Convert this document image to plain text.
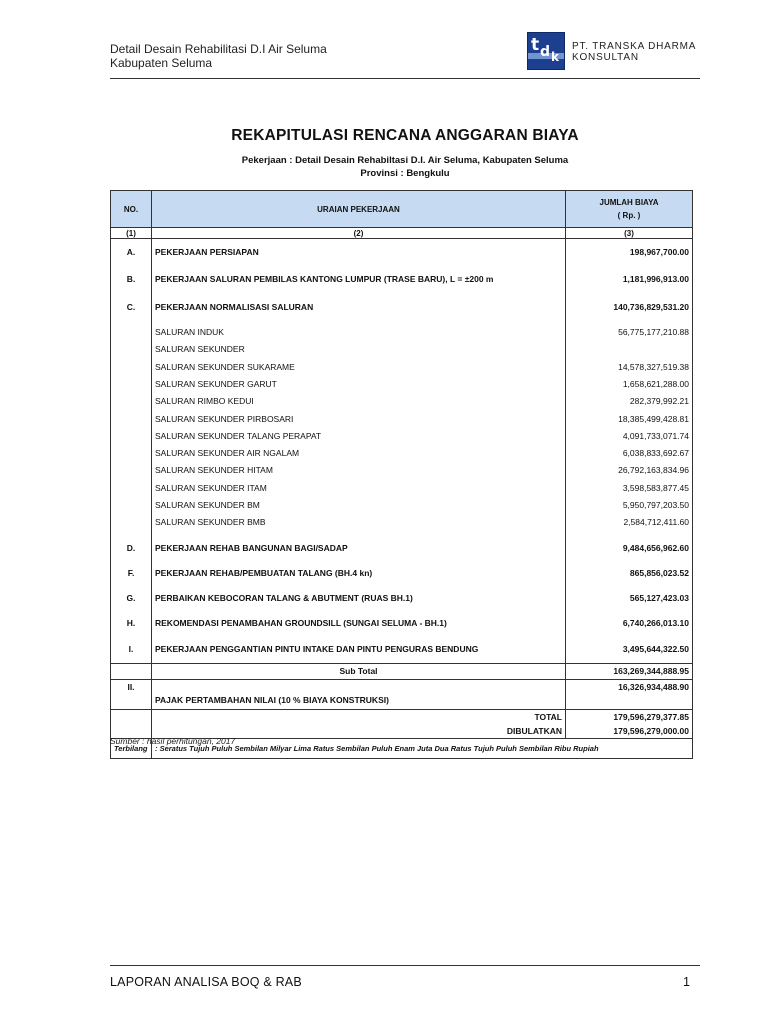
Detail Desain Rehabilitasi D.I Air Seluma
Kabupaten Seluma
t d k
PT. TRANSKA DHARMA
KONSULTAN
REKAPITULASI RENCANA ANGGARAN BIAYA
Pekerjaan : Detail Desain Rehabiltasi D.I. Air Seluma, Kabupaten Seluma
Provinsi : Bengkulu
NO.	URAIAN PEKERJAAN	JUMLAH BIAYA
( Rp. )

(1)	(2)	(3)

A.	PEKERJAAN PERSIAPAN	198,967,700.00

B.	PEKERJAAN SALURAN PEMBILAS KANTONG LUMPUR (TRASE BARU), L = ±200 m	1,181,996,913.00

C.	PEKERJAAN NORMALISASI SALURAN	140,736,829,531.20

	SALURAN INDUK	56,775,177,210.88
	SALURAN SEKUNDER	
	SALURAN SEKUNDER SUKARAME	14,578,327,519.38
	SALURAN SEKUNDER GARUT	1,658,621,288.00
	SALURAN RIMBO KEDUI	282,379,992.21
	SALURAN SEKUNDER PIRBOSARI	18,385,499,428.81
	SALURAN SEKUNDER TALANG PERAPAT	4,091,733,071.74
	SALURAN SEKUNDER AIR NGALAM	6,038,833,692.67
	SALURAN SEKUNDER HITAM	26,792,163,834.96
	SALURAN SEKUNDER ITAM	3,598,583,877.45
	SALURAN SEKUNDER BM	5,950,797,203.50
	SALURAN SEKUNDER BMB	2,584,712,411.60

D.	PEKERJAAN REHAB BANGUNAN BAGI/SADAP	9,484,656,962.60

F.	PEKERJAAN REHAB/PEMBUATAN TALANG (BH.4 kn)	865,856,023.52

G.	PERBAIKAN KEBOCORAN TALANG & ABUTMENT (RUAS BH.1)	565,127,423.03

H.	REKOMENDASI PENAMBAHAN GROUNDSILL (SUNGAI SELUMA - BH.1)	6,740,266,013.10

I.	PEKERJAAN PENGGANTIAN PINTU INTAKE DAN PINTU PENGURAS BENDUNG	3,495,644,322.50

	Sub Total	163,269,344,888.95
II.	PAJAK PERTAMBAHAN NILAI (10 % BIAYA KONSTRUKSI)	16,326,934,488.90
	TOTAL	179,596,279,377.85
	DIBULATKAN	179,596,279,000.00
Terbilang	: Seratus Tujuh Puluh Sembilan Milyar Lima Ratus Sembilan Puluh Enam Juta Dua Ratus Tujuh Puluh Sembilan Ribu Rupiah	
Sumber : hasil perhitungan, 2017
LAPORAN ANALISA BOQ & RAB	1
